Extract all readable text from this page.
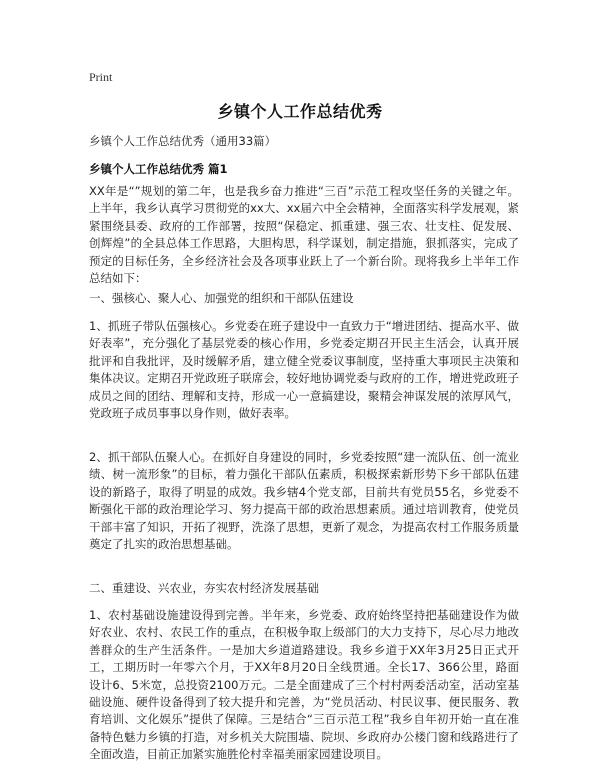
Print
乡镇个人工作总结优秀

乡镇个人工作总结优秀（通用33篇）

乡镇个人工作总结优秀 篇1

XX年是“”规划的第二年，也是我乡奋力推进“三百”示范工程攻坚任务的关键之年。上半年，我乡认真学习贯彻党的xx大、xx届六中全会精神，全面落实科学发展观，紧紧围绕县委、政府的工作部署，按照“保稳定、抓重建、强三农、壮支柱、促发展、创辉煌”的全县总体工作思路，大胆构思，科学谋划，制定措施，狠抓落实，完成了预定的目标任务，全乡经济社会及各项事业跃上了一个新台阶。现将我乡上半年工作总结如下：

一、强核心、聚人心、加强党的组织和干部队伍建设

1、抓班子带队伍强核心。乡党委在班子建设中一直致力于“增进团结、提高水平、做好表率”，充分强化了基层党委的核心作用，乡党委定期召开民主生活会，认真开展批评和自我批评，及时缓解矛盾，建立健全党委议事制度，坚持重大事项民主决策和集体决议。定期召开党政班子联席会，较好地协调党委与政府的工作，增进党政班子成员之间的团结、理解和支持，形成一心一意搞建设，聚精会神谋发展的浓厚风气，党政班子成员事事以身作则，做好表率。

2、抓干部队伍聚人心。在抓好自身建设的同时，乡党委按照“建一流队伍、创一流业绩、树一流形象”的目标，着力强化干部队伍素质，积极探索新形势下乡干部队伍建设的新路子，取得了明显的成效。我乡辖4个党支部，目前共有党员55名，乡党委不断强化干部的政治理论学习、努力提高干部的政治思想素质。通过培训教育，使党员干部丰富了知识，开拓了视野，洗涤了思想，更新了观念，为提高农村工作服务质量奠定了扎实的政治思想基础。

二、重建设、兴农业，夯实农村经济发展基础

1、农村基础设施建设得到完善。半年来，乡党委、政府始终坚持把基础建设作为做好农业、农村、农民工作的重点，在积极争取上级部门的大力支持下，尽心尽力地改善群众的生产生活条件。一是加大乡道道路建设。我乡乡道于XX年3月25日正式开工，工期历时一年零六个月，于XX年8月20日全线贯通。全长17、366公里，路面设计6、5米宽，总投资2100万元。二是全面建成了三个村村两委活动室，活动室基础设施、硬件设备得到了较大提升和完善，为“党员活动、村民议事、便民服务、教育培训、文化娱乐”提供了保障。三是结合“三百示范工程”我乡自年初开始一直在准备特色魅力乡镇的打造，对乡机关大院围墙、院坝、乡政府办公楼门窗和线路进行了全面改造，目前正加紧实施胜伦村幸福美丽家园建设项目。
